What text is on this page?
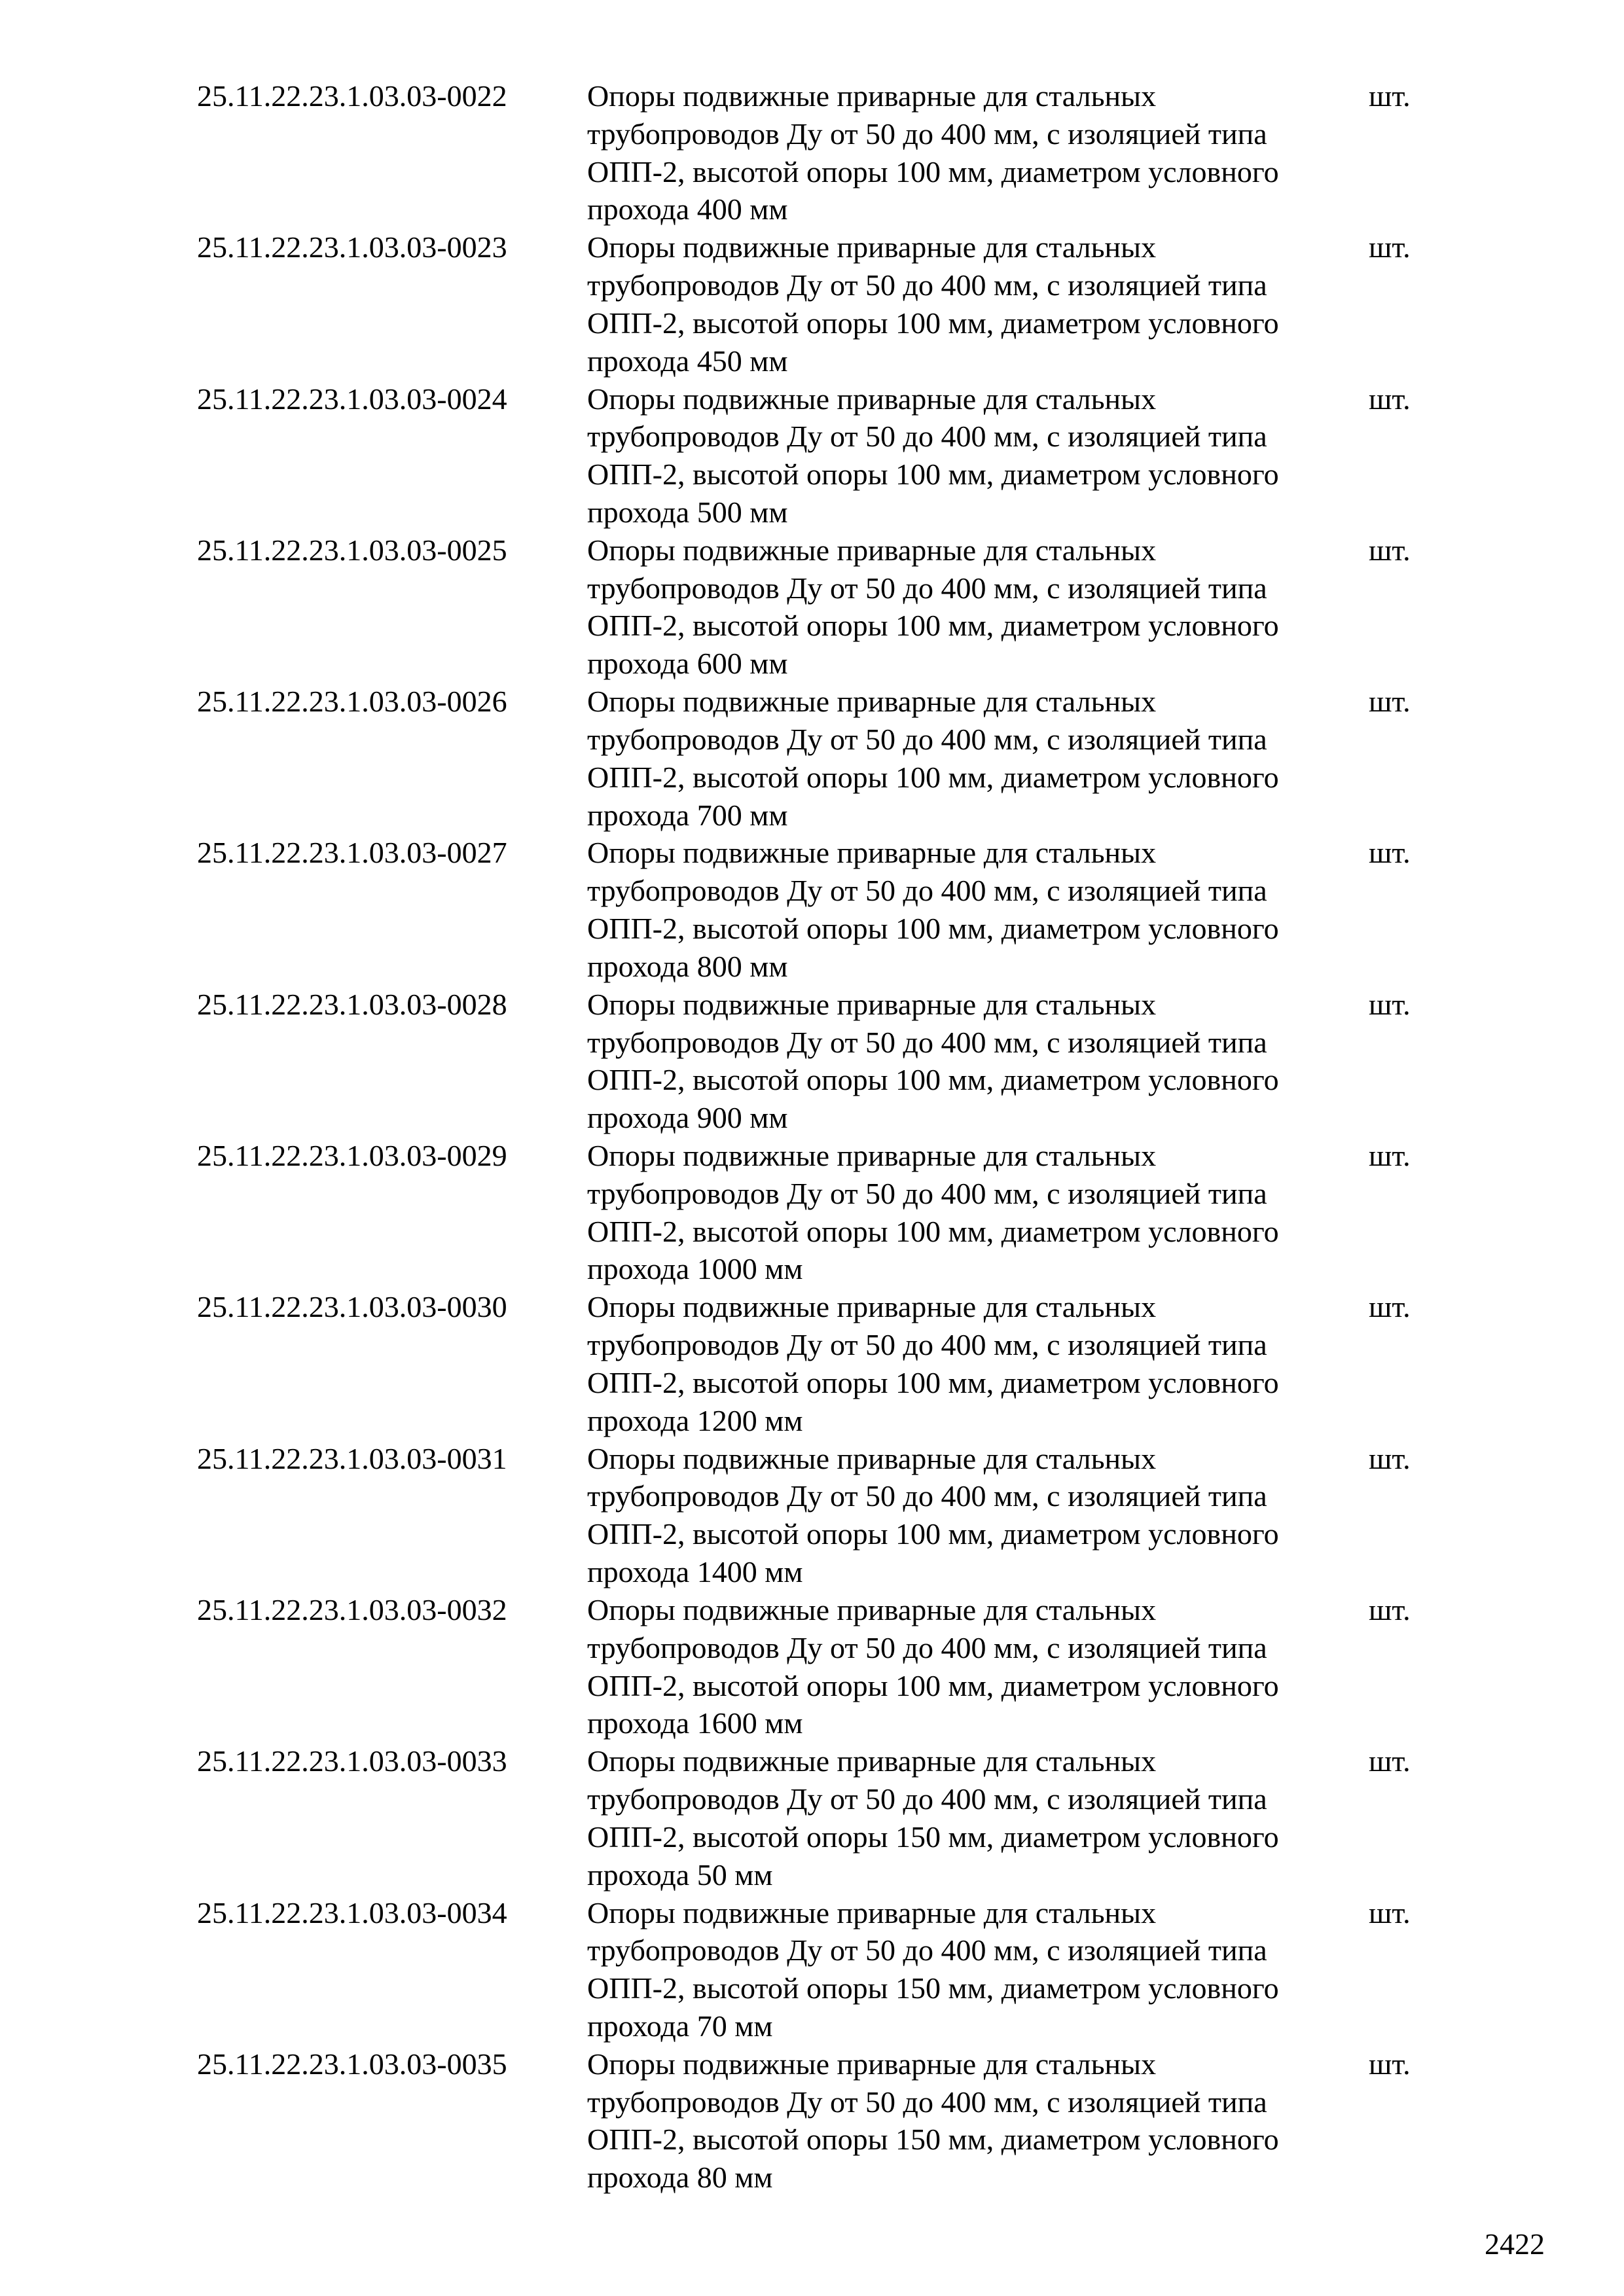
25.11.22.23.1.03.03-0022	Опоры подвижные приварные для стальных
трубопроводов Ду от 50 до 400 мм, с изоляцией типа
ОПП-2, высотой опоры 100 мм, диаметром условного
прохода 400 мм
шт.
25.11.22.23.1.03.03-0023	Опоры подвижные приварные для стальных
трубопроводов Ду от 50 до 400 мм, с изоляцией типа
ОПП-2, высотой опоры 100 мм, диаметром условного
прохода 450 мм
шт.
25.11.22.23.1.03.03-0024	Опоры подвижные приварные для стальных
трубопроводов Ду от 50 до 400 мм, с изоляцией типа
ОПП-2, высотой опоры 100 мм, диаметром условного
прохода 500 мм
шт.
25.11.22.23.1.03.03-0025	Опоры подвижные приварные для стальных
трубопроводов Ду от 50 до 400 мм, с изоляцией типа
ОПП-2, высотой опоры 100 мм, диаметром условного
прохода 600 мм
шт.
25.11.22.23.1.03.03-0026	Опоры подвижные приварные для стальных
трубопроводов Ду от 50 до 400 мм, с изоляцией типа
ОПП-2, высотой опоры 100 мм, диаметром условного
прохода 700 мм
шт.
25.11.22.23.1.03.03-0027	Опоры подвижные приварные для стальных
трубопроводов Ду от 50 до 400 мм, с изоляцией типа
ОПП-2, высотой опоры 100 мм, диаметром условного
прохода 800 мм
шт.
25.11.22.23.1.03.03-0028	Опоры подвижные приварные для стальных
трубопроводов Ду от 50 до 400 мм, с изоляцией типа
ОПП-2, высотой опоры 100 мм, диаметром условного
прохода 900 мм
шт.
25.11.22.23.1.03.03-0029	Опоры подвижные приварные для стальных
трубопроводов Ду от 50 до 400 мм, с изоляцией типа
ОПП-2, высотой опоры 100 мм, диаметром условного
прохода 1000 мм
шт.
25.11.22.23.1.03.03-0030	Опоры подвижные приварные для стальных
трубопроводов Ду от 50 до 400 мм, с изоляцией типа
ОПП-2, высотой опоры 100 мм, диаметром условного
прохода 1200 мм
шт.
25.11.22.23.1.03.03-0031	Опоры подвижные приварные для стальных
трубопроводов Ду от 50 до 400 мм, с изоляцией типа
ОПП-2, высотой опоры 100 мм, диаметром условного
прохода 1400 мм
шт.
25.11.22.23.1.03.03-0032	Опоры подвижные приварные для стальных
трубопроводов Ду от 50 до 400 мм, с изоляцией типа
ОПП-2, высотой опоры 100 мм, диаметром условного
прохода 1600 мм
шт.
25.11.22.23.1.03.03-0033	Опоры подвижные приварные для стальных
трубопроводов Ду от 50 до 400 мм, с изоляцией типа
ОПП-2, высотой опоры 150 мм, диаметром условного
прохода 50 мм
шт.
25.11.22.23.1.03.03-0034	Опоры подвижные приварные для стальных
трубопроводов Ду от 50 до 400 мм, с изоляцией типа
ОПП-2, высотой опоры 150 мм, диаметром условного
прохода 70 мм
шт.
25.11.22.23.1.03.03-0035	Опоры подвижные приварные для стальных
трубопроводов Ду от 50 до 400 мм, с изоляцией типа
ОПП-2, высотой опоры 150 мм, диаметром условного
прохода 80 мм
шт.
2422
